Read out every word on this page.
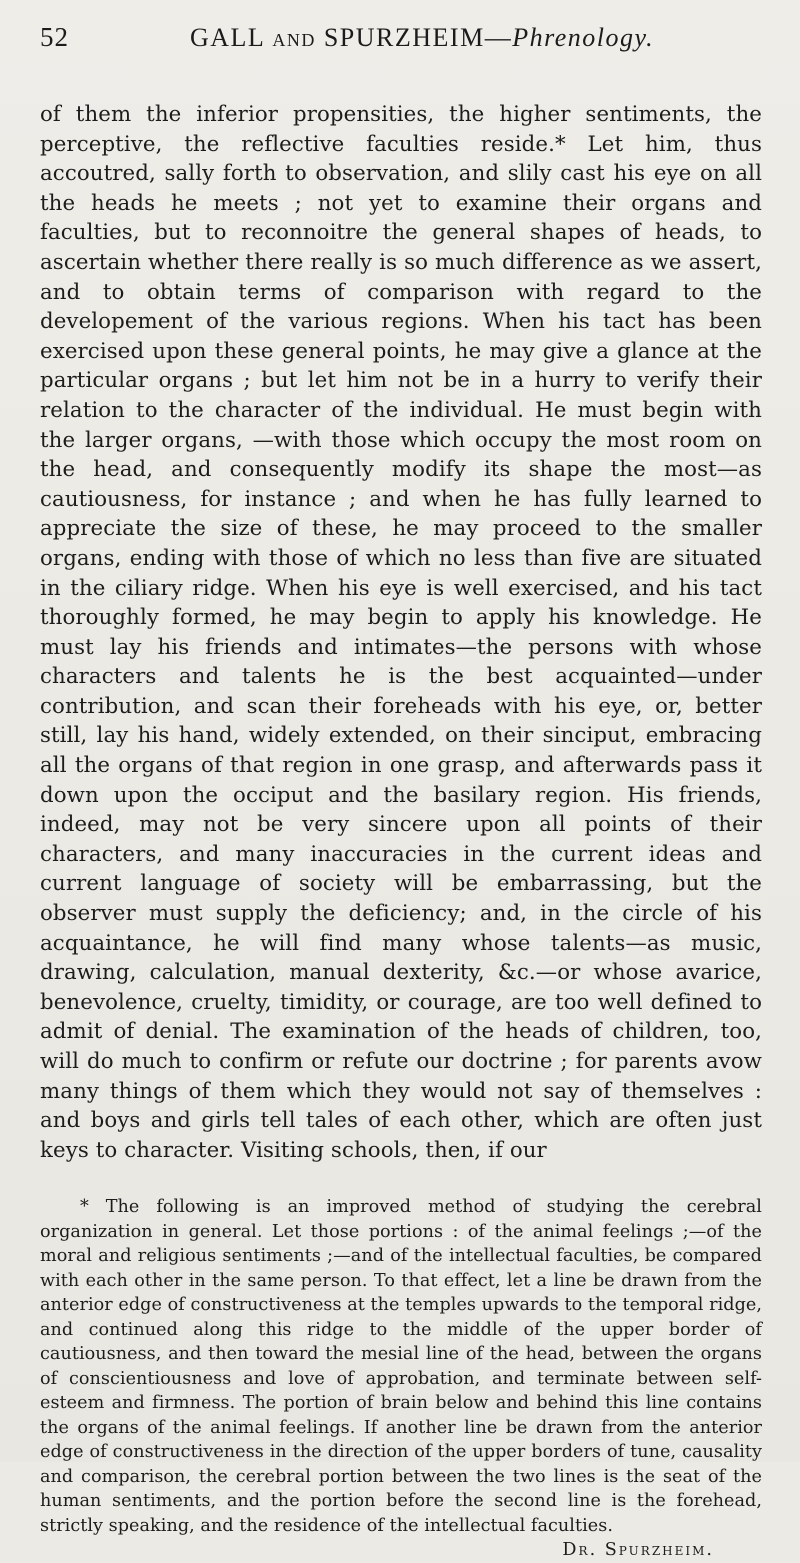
52	GALL and SPURZHEIM—Phrenology.

of them the inferior propensities, the higher sentiments, the perceptive, the reflective faculties reside.* Let him, thus accoutred, sally forth to observation, and slily cast his eye on all the heads he meets ; not yet to examine their organs and faculties, but to reconnoitre the general shapes of heads, to ascertain whether there really is so much difference as we assert, and to obtain terms of comparison with regard to the developement of the various regions. When his tact has been exercised upon these general points, he may give a glance at the particular organs ; but let him not be in a hurry to verify their relation to the character of the individual. He must begin with the larger organs, —with those which occupy the most room on the head, and consequently modify its shape the most—as cautiousness, for instance ; and when he has fully learned to appreciate the size of these, he may proceed to the smaller organs, ending with those of which no less than five are situated in the ciliary ridge. When his eye is well exercised, and his tact thoroughly formed, he may begin to apply his knowledge. He must lay his friends and intimates—the persons with whose characters and talents he is the best acquainted—under contribution, and scan their foreheads with his eye, or, better still, lay his hand, widely extended, on their sinciput, embracing all the organs of that region in one grasp, and afterwards pass it down upon the occiput and the basilary region. His friends, indeed, may not be very sincere upon all points of their characters, and many inaccuracies in the current ideas and current language of society will be embarrassing, but the observer must supply the deficiency; and, in the circle of his acquaintance, he will find many whose talents—as music, drawing, calculation, manual dexterity, &c.—or whose avarice, benevolence, cruelty, timidity, or courage, are too well defined to admit of denial. The examination of the heads of children, too, will do much to confirm or refute our doctrine ; for parents avow many things of them which they would not say of themselves : and boys and girls tell tales of each other, which are often just keys to character. Visiting schools, then, if our

* The following is an improved method of studying the cerebral organization in general. Let those portions : of the animal feelings ;—of the moral and religious sentiments ;—and of the intellectual faculties, be compared with each other in the same person. To that effect, let a line be drawn from the anterior edge of constructiveness at the temples upwards to the temporal ridge, and continued along this ridge to the middle of the upper border of cautiousness, and then toward the mesial line of the head, between the organs of conscientiousness and love of approbation, and terminate between self-esteem and firmness. The portion of brain below and behind this line contains the organs of the animal feelings. If another line be drawn from the anterior edge of constructiveness in the direction of the upper borders of tune, causality and comparison, the cerebral portion between the two lines is the seat of the human sentiments, and the portion before the second line is the forehead, strictly speaking, and the residence of the intellectual faculties.
Dr. Spurzheim.
